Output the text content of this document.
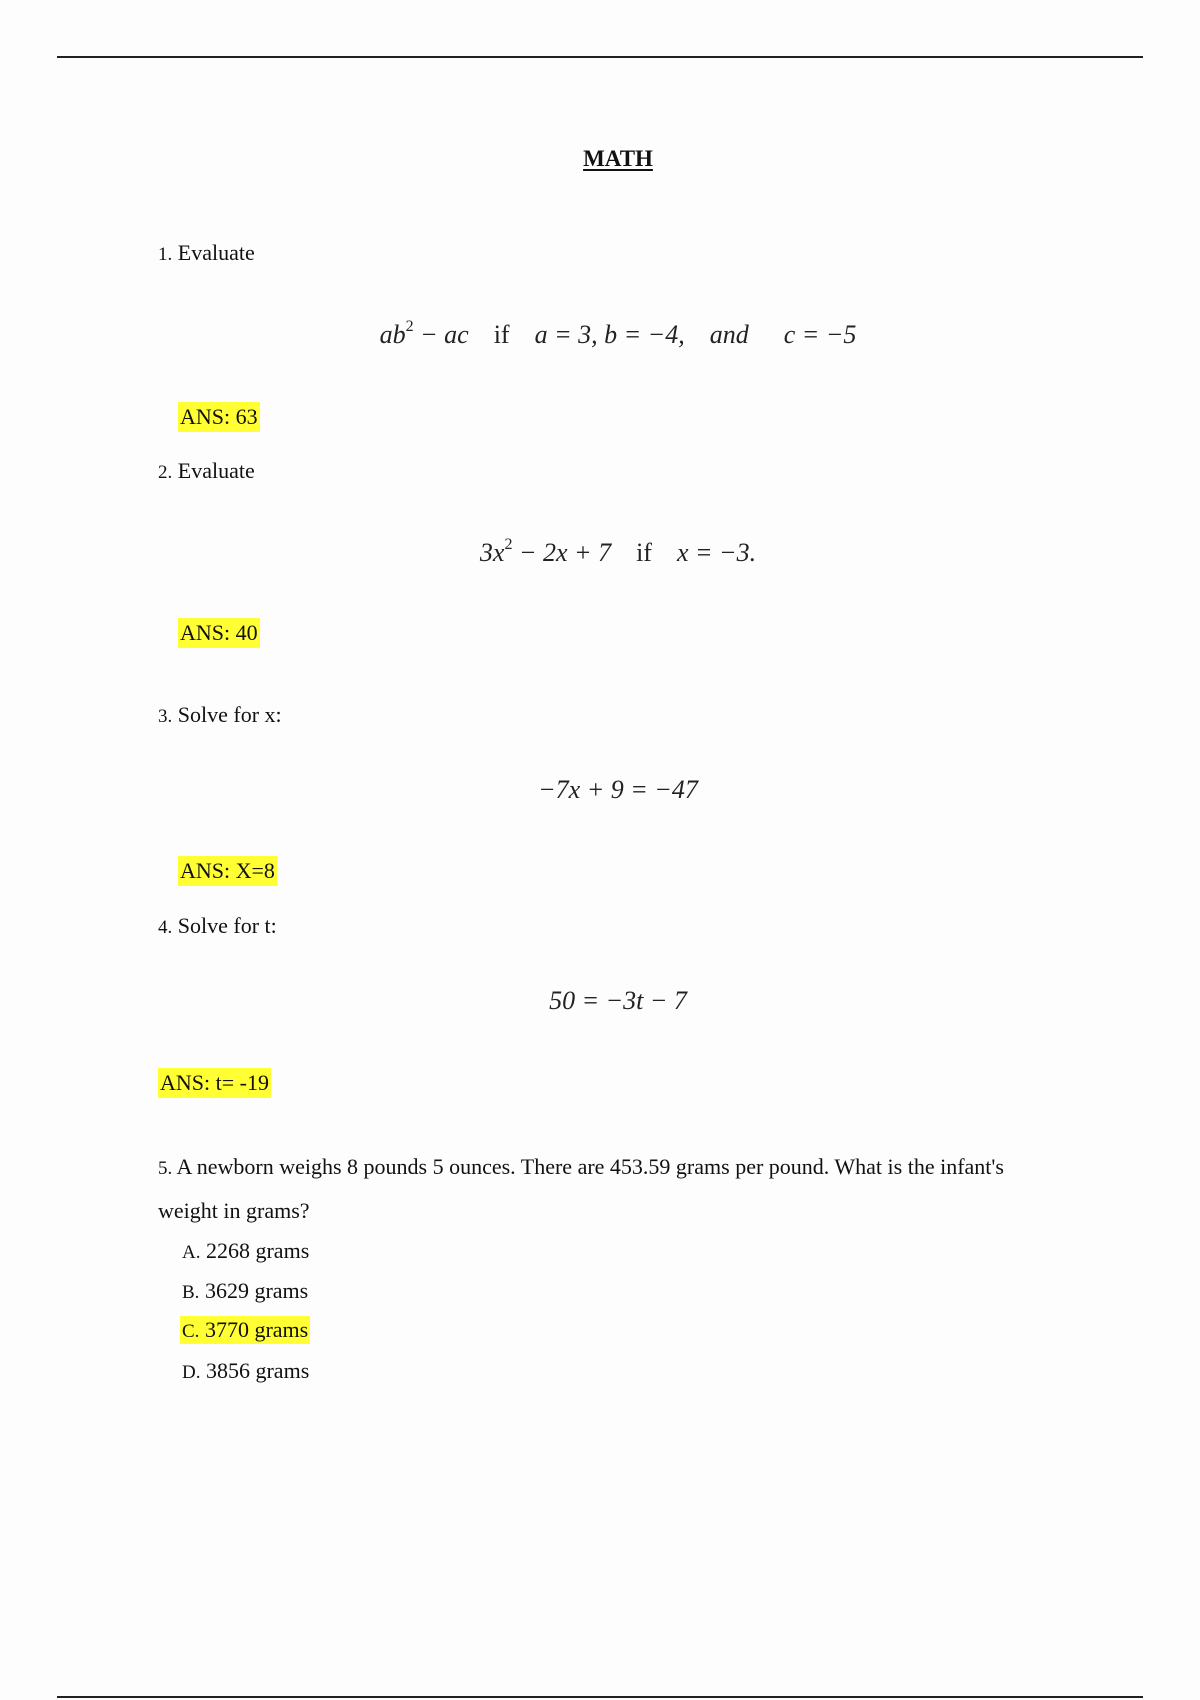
MATH
1. Evaluate
$ab^2$ − ac if a = 3, b = −4, and c = −5
ANS: 63
2. Evaluate
$3x^2 - 2x + 7$ if x = −3.
ANS: 40
3. Solve for x:
−7x + 9 = −47
ANS: X=8
4. Solve for t:
50 = −3t − 7
ANS: t= -19
5. A newborn weighs 8 pounds 5 ounces. There are 453.59 grams per pound. What is the infant's weight in grams?
A. 2268 grams
B. 3629 grams
C. 3770 grams
D. 3856 grams
